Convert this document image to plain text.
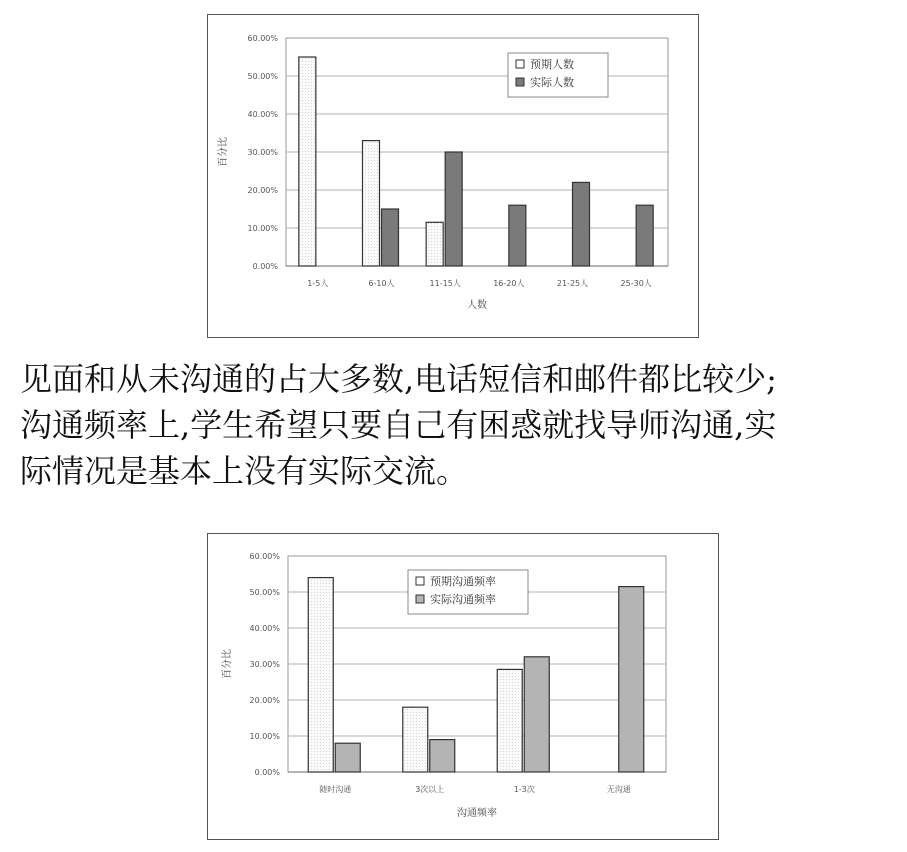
0.00%
10.00%
20.00%
30.00%
40.00%
50.00%
60.00%
1-5人	6-10人	11-15人	16-20人	21-25人	25-30人
人数
百分比
预期人数
实际人数
见面和从未沟通的占大多数,电话短信和邮件都比较少;
沟通频率上,学生希望只要自己有困惑就找导师沟通,实
际情况是基本上没有实际交流。
0.00%
10.00%
20.00%
30.00%
40.00%
50.00%
60.00%
随时沟通	3次以上	1-3次	无沟通
沟通频率
百分比
预期沟通频率
实际沟通频率
